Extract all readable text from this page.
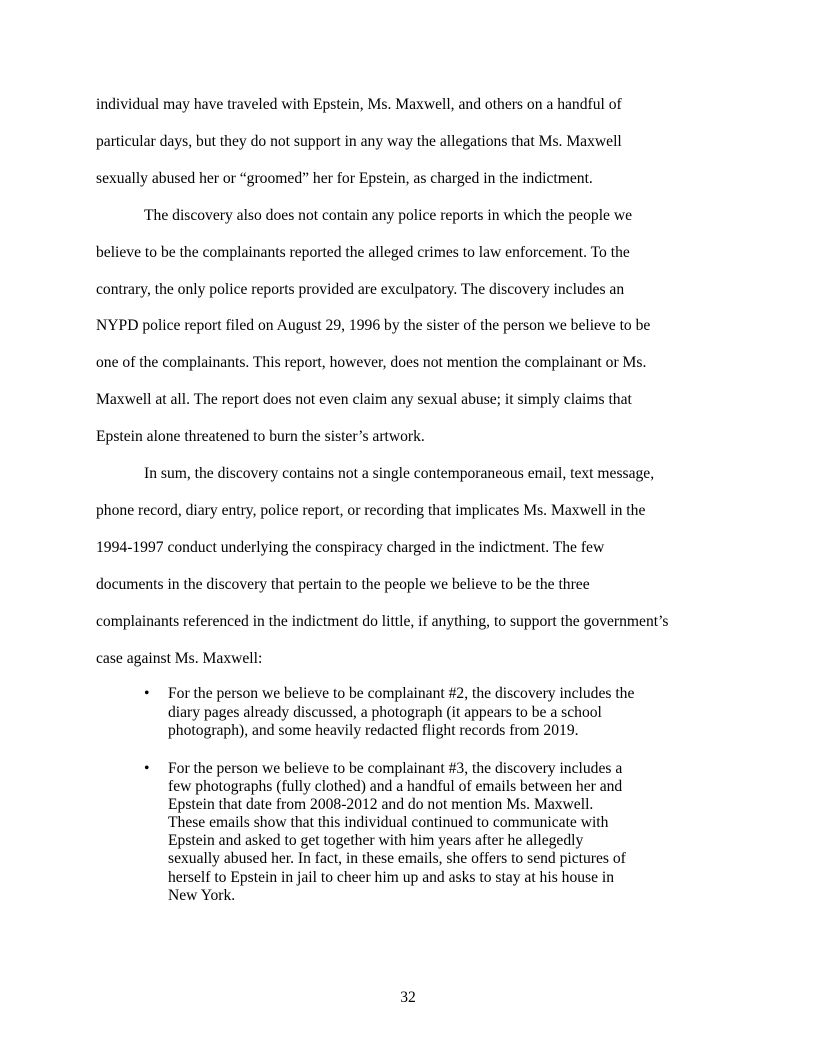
individual may have traveled with Epstein, Ms. Maxwell, and others on a handful of
particular days, but they do not support in any way the allegations that Ms. Maxwell
sexually abused her or “groomed” her for Epstein, as charged in the indictment.
The discovery also does not contain any police reports in which the people we
believe to be the complainants reported the alleged crimes to law enforcement. To the
contrary, the only police reports provided are exculpatory. The discovery includes an
NYPD police report filed on August 29, 1996 by the sister of the person we believe to be
one of the complainants. This report, however, does not mention the complainant or Ms.
Maxwell at all. The report does not even claim any sexual abuse; it simply claims that
Epstein alone threatened to burn the sister’s artwork.
In sum, the discovery contains not a single contemporaneous email, text message,
phone record, diary entry, police report, or recording that implicates Ms. Maxwell in the
1994-1997 conduct underlying the conspiracy charged in the indictment. The few
documents in the discovery that pertain to the people we believe to be the three
complainants referenced in the indictment do little, if anything, to support the government’s
case against Ms. Maxwell:
• For the person we believe to be complainant #2, the discovery includes the
diary pages already discussed, a photograph (it appears to be a school
photograph), and some heavily redacted flight records from 2019.
• For the person we believe to be complainant #3, the discovery includes a
few photographs (fully clothed) and a handful of emails between her and
Epstein that date from 2008-2012 and do not mention Ms. Maxwell.
These emails show that this individual continued to communicate with
Epstein and asked to get together with him years after he allegedly
sexually abused her. In fact, in these emails, she offers to send pictures of
herself to Epstein in jail to cheer him up and asks to stay at his house in
New York.
32
